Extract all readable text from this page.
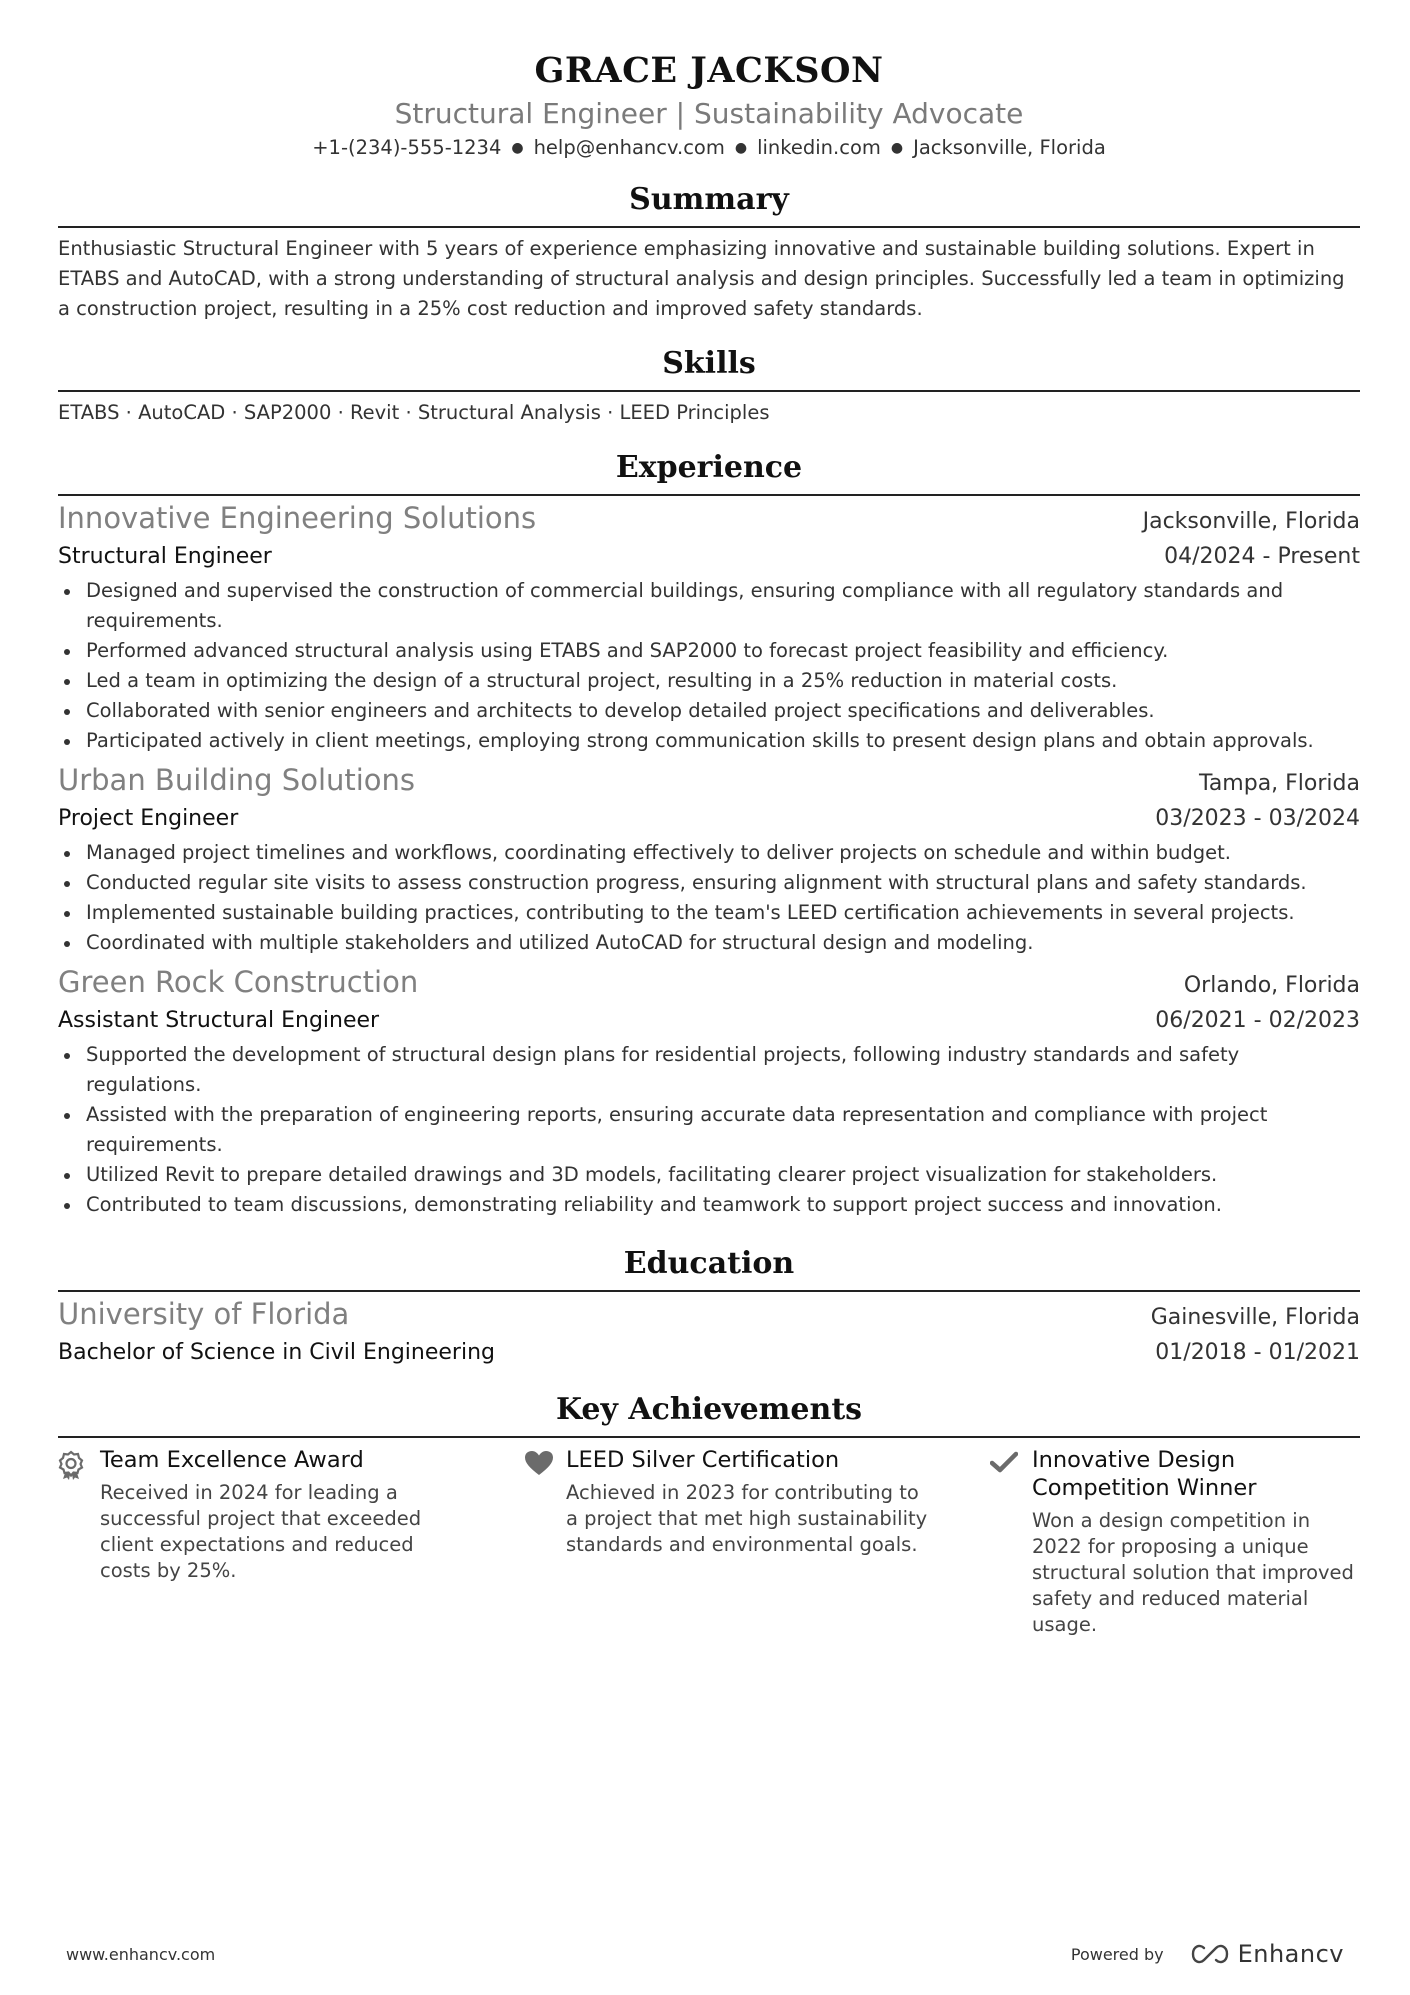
GRACE JACKSON
Structural Engineer | Sustainability Advocate
+1-(234)-555-1234 ● help@enhancv.com ● linkedin.com ● Jacksonville, Florida
Summary
Enthusiastic Structural Engineer with 5 years of experience emphasizing innovative and sustainable building solutions. Expert in ETABS and AutoCAD, with a strong understanding of structural analysis and design principles. Successfully led a team in optimizing a construction project, resulting in a 25% cost reduction and improved safety standards.
Skills
ETABS · AutoCAD · SAP2000 · Revit · Structural Analysis · LEED Principles
Experience
Innovative Engineering Solutions	Jacksonville, Florida
Structural Engineer	04/2024 - Present
Designed and supervised the construction of commercial buildings, ensuring compliance with all regulatory standards and requirements.
Performed advanced structural analysis using ETABS and SAP2000 to forecast project feasibility and efficiency.
Led a team in optimizing the design of a structural project, resulting in a 25% reduction in material costs.
Collaborated with senior engineers and architects to develop detailed project specifications and deliverables.
Participated actively in client meetings, employing strong communication skills to present design plans and obtain approvals.
Urban Building Solutions	Tampa, Florida
Project Engineer	03/2023 - 03/2024
Managed project timelines and workflows, coordinating effectively to deliver projects on schedule and within budget.
Conducted regular site visits to assess construction progress, ensuring alignment with structural plans and safety standards.
Implemented sustainable building practices, contributing to the team's LEED certification achievements in several projects.
Coordinated with multiple stakeholders and utilized AutoCAD for structural design and modeling.
Green Rock Construction	Orlando, Florida
Assistant Structural Engineer	06/2021 - 02/2023
Supported the development of structural design plans for residential projects, following industry standards and safety regulations.
Assisted with the preparation of engineering reports, ensuring accurate data representation and compliance with project requirements.
Utilized Revit to prepare detailed drawings and 3D models, facilitating clearer project visualization for stakeholders.
Contributed to team discussions, demonstrating reliability and teamwork to support project success and innovation.
Education
University of Florida	Gainesville, Florida
Bachelor of Science in Civil Engineering	01/2018 - 01/2021
Key Achievements
Team Excellence Award
Received in 2024 for leading a successful project that exceeded client expectations and reduced costs by 25%.
LEED Silver Certification
Achieved in 2023 for contributing to a project that met high sustainability standards and environmental goals.
Innovative Design Competition Winner
Won a design competition in 2022 for proposing a unique structural solution that improved safety and reduced material usage.
www.enhancv.com	Powered by	Enhancv
